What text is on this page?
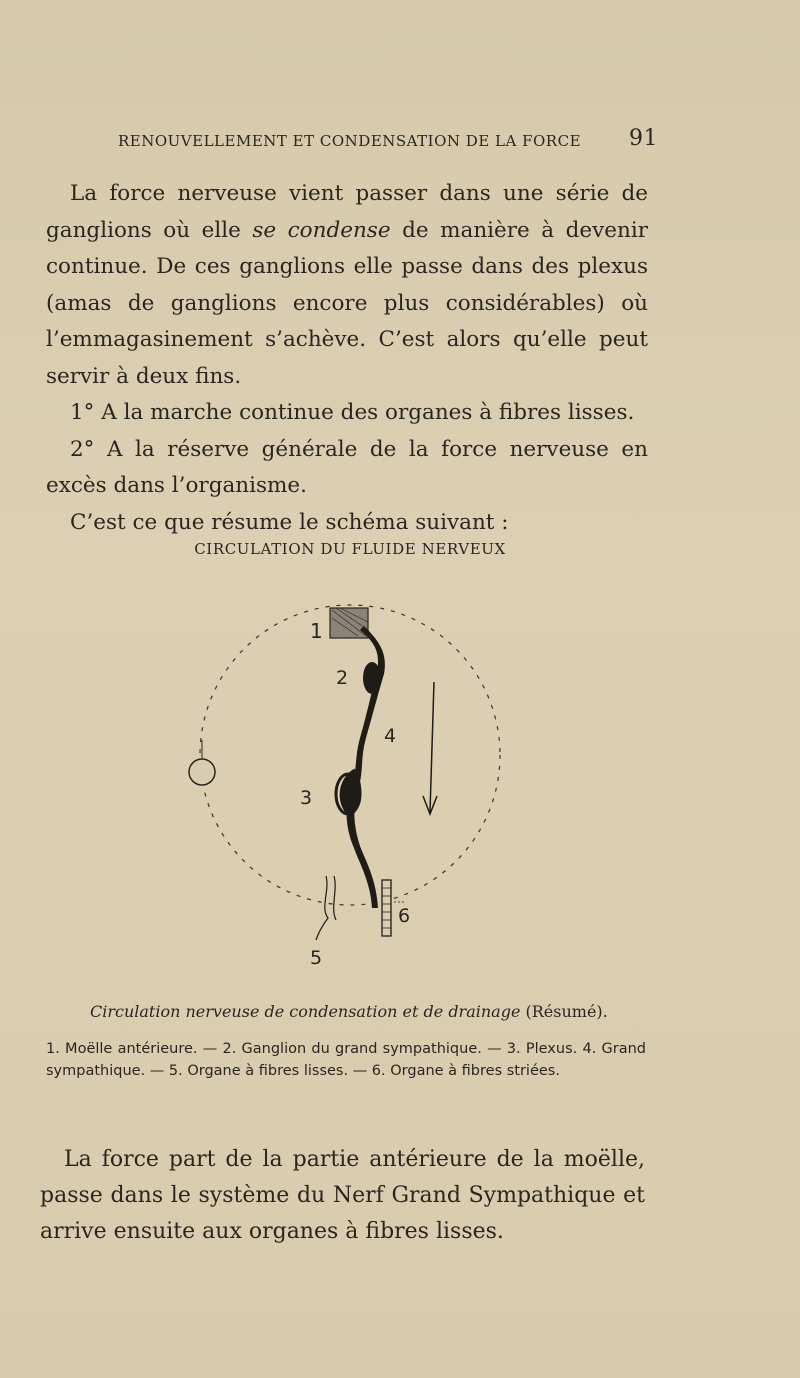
RENOUVELLEMENT ET CONDENSATION DE LA FORCE 91

La force nerveuse vient passer dans une série de ganglions où elle se condense de manière à devenir continue. De ces ganglions elle passe dans des plexus (amas de ganglions encore plus considérables) où l’emmagasinement s’achève. C’est alors qu’elle peut servir à deux fins.

1° A la marche continue des organes à fibres lisses.

2° A la réserve générale de la force nerveuse en excès dans l’organisme.

C’est ce que résume le schéma suivant :

CIRCULATION DU FLUIDE NERVEUX
1
2
3
4
5
6
Circulation nerveuse de condensation et de drainage (Résumé).
1. Moëlle antérieure. — 2. Ganglion du grand sympathique. — 3. Plexus. 4. Grand sympathique. — 5. Organe à fibres lisses. — 6. Organe à fibres striées.

La force part de la partie antérieure de la moëlle, passe dans le système du Nerf Grand Sympathique et arrive ensuite aux organes à fibres lisses.
